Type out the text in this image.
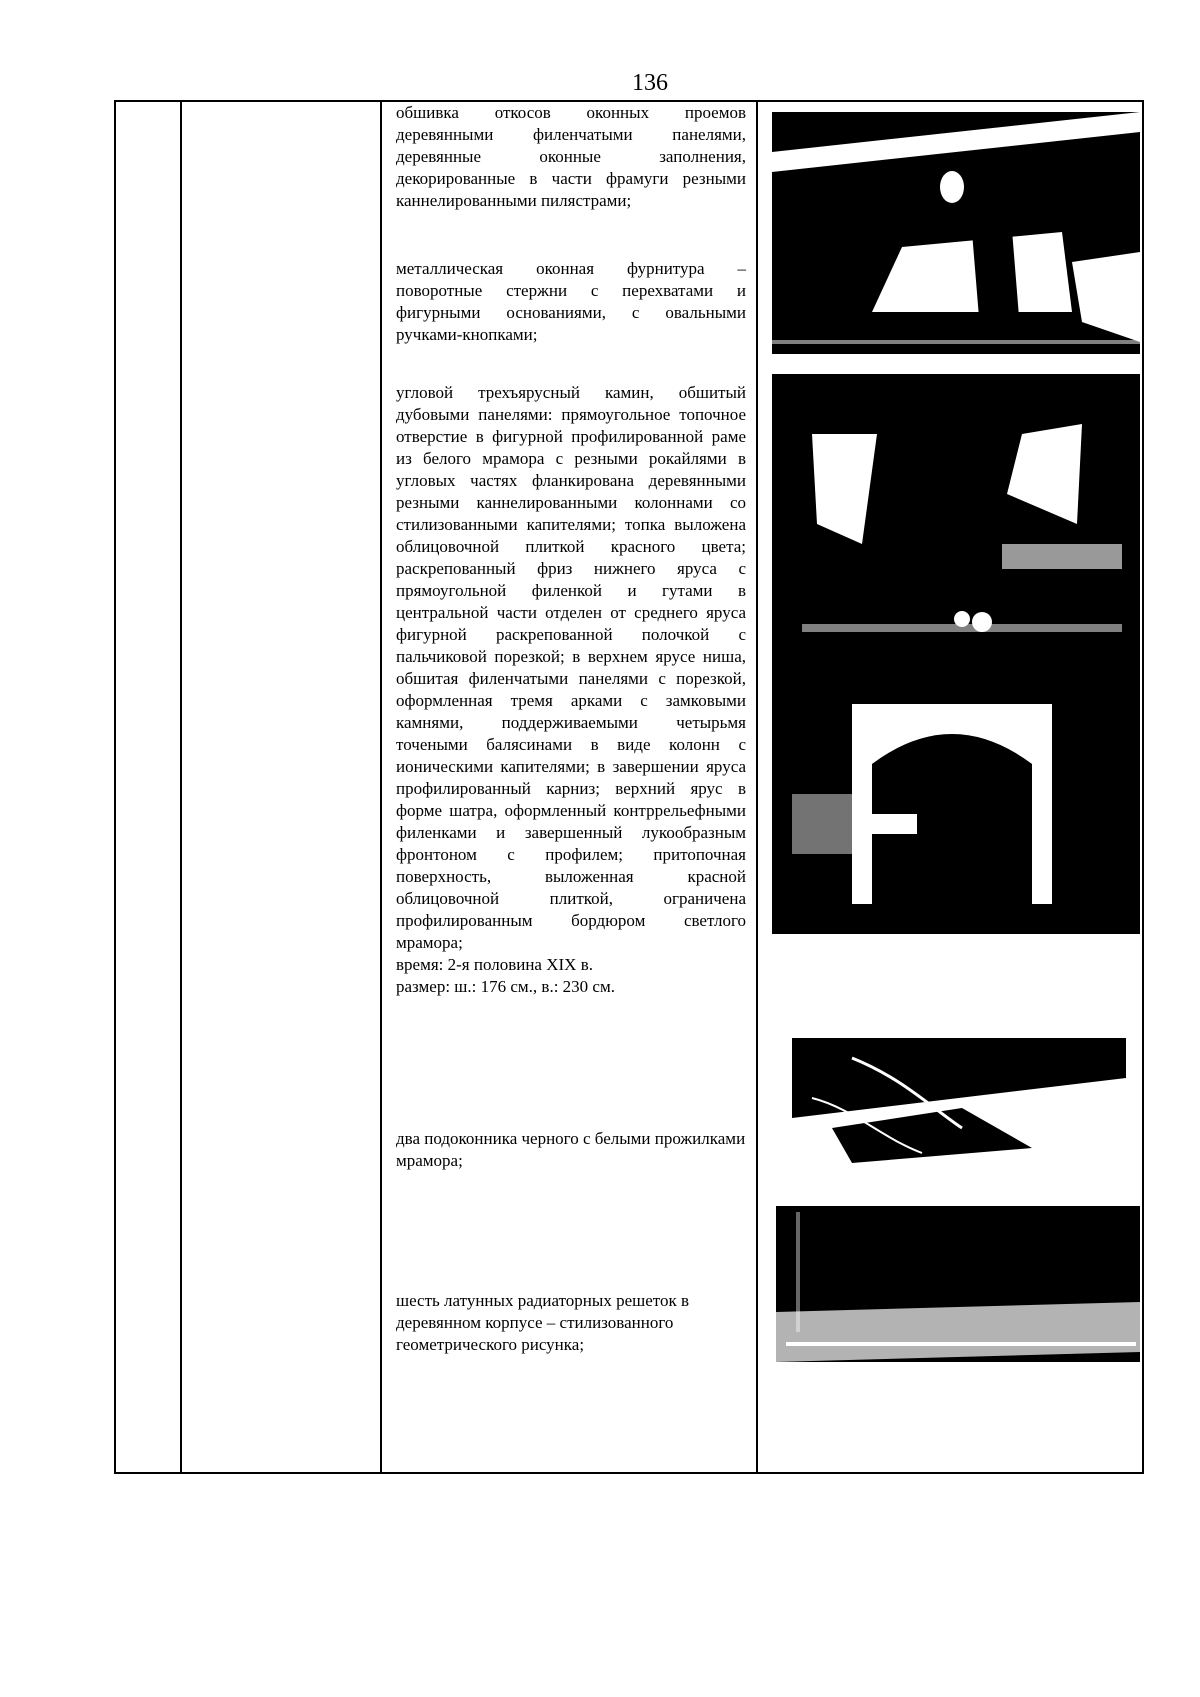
136

обшивка откосов оконных проемов деревянными филенчатыми панелями, деревянные оконные заполнения, декорированные в части фрамуги резными каннелированными пилястрами;

металлическая оконная фурнитура – поворотные стержни с перехватами и фигурными основаниями, с овальными ручками-кнопками;

угловой трехъярусный камин, обшитый дубовыми панелями: прямоугольное топочное отверстие в фигурной профилированной раме из белого мрамора с резными рокайлями в угловых частях фланкирована деревянными резными каннелированными колоннами со стилизованными капителями; топка выложена облицовочной плиткой красного цвета; раскрепованный фриз нижнего яруса с прямоугольной филенкой и гутами в центральной части отделен от среднего яруса фигурной раскрепованной полочкой с пальчиковой порезкой; в верхнем ярусе ниша, обшитая филенчатыми панелями с порезкой, оформленная тремя арками с замковыми камнями, поддерживаемыми четырьмя точеными балясинами в виде колонн с ионическими капителями; в завершении яруса профилированный карниз; верхний ярус в форме шатра, оформленный контррельефными филенками и завершенный лукообразным фронтоном с профилем; притопочная поверхность, выложенная красной облицовочной плиткой, ограничена профилированным бордюром светлого мрамора;

время: 2-я половина XIX в.

размер: ш.: 176 см., в.: 230 см.

два подоконника черного с белыми прожилками мрамора;

шесть латунных радиаторных решеток в деревянном корпусе – стилизованного геометрического рисунка;
